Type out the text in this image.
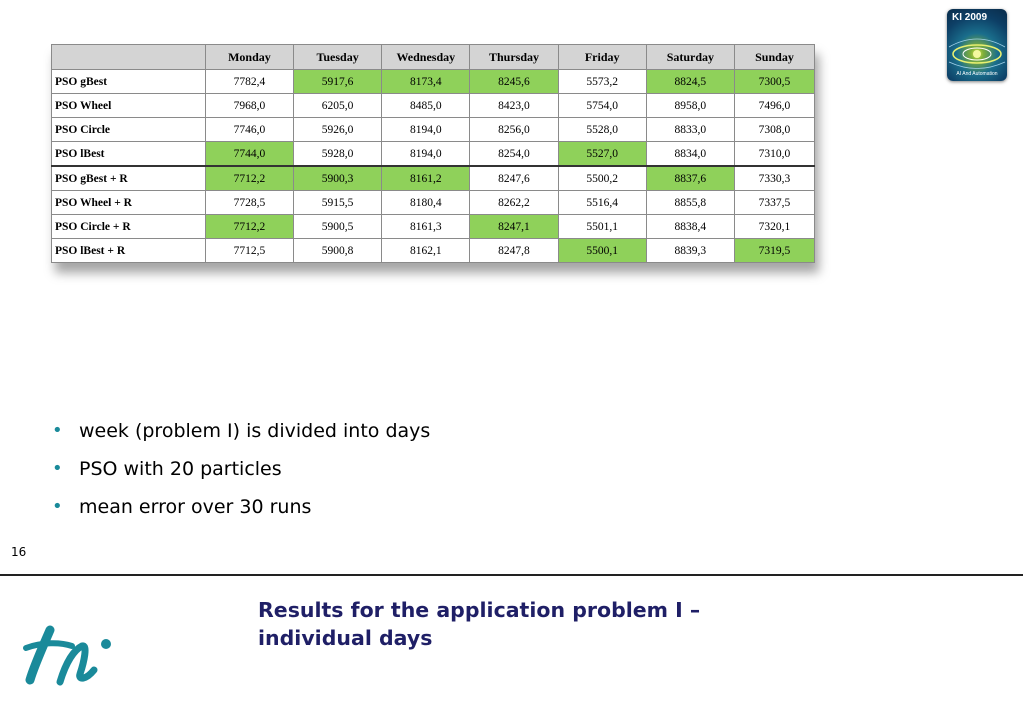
	Monday	Tuesday	Wednesday	Thursday	Friday	Saturday	Sunday
PSO gBest	7782,4	5917,6	8173,4	8245,6	5573,2	8824,5	7300,5
PSO Wheel	7968,0	6205,0	8485,0	8423,0	5754,0	8958,0	7496,0
PSO Circle	7746,0	5926,0	8194,0	8256,0	5528,0	8833,0	7308,0
PSO lBest	7744,0	5928,0	8194,0	8254,0	5527,0	8834,0	7310,0
PSO gBest + R	7712,2	5900,3	8161,2	8247,6	5500,2	8837,6	7330,3
PSO Wheel + R	7728,5	5915,5	8180,4	8262,2	5516,4	8855,8	7337,5
PSO Circle + R	7712,2	5900,5	8161,3	8247,1	5501,1	8838,4	7320,1
PSO lBest + R	7712,5	5900,8	8162,1	8247,8	5500,1	8839,3	7319,5
KI 2009
AI And Automation
• week (problem I) is divided into days
• PSO with 20 particles
• mean error over 30 runs
16
Results for the application problem I –
individual days
